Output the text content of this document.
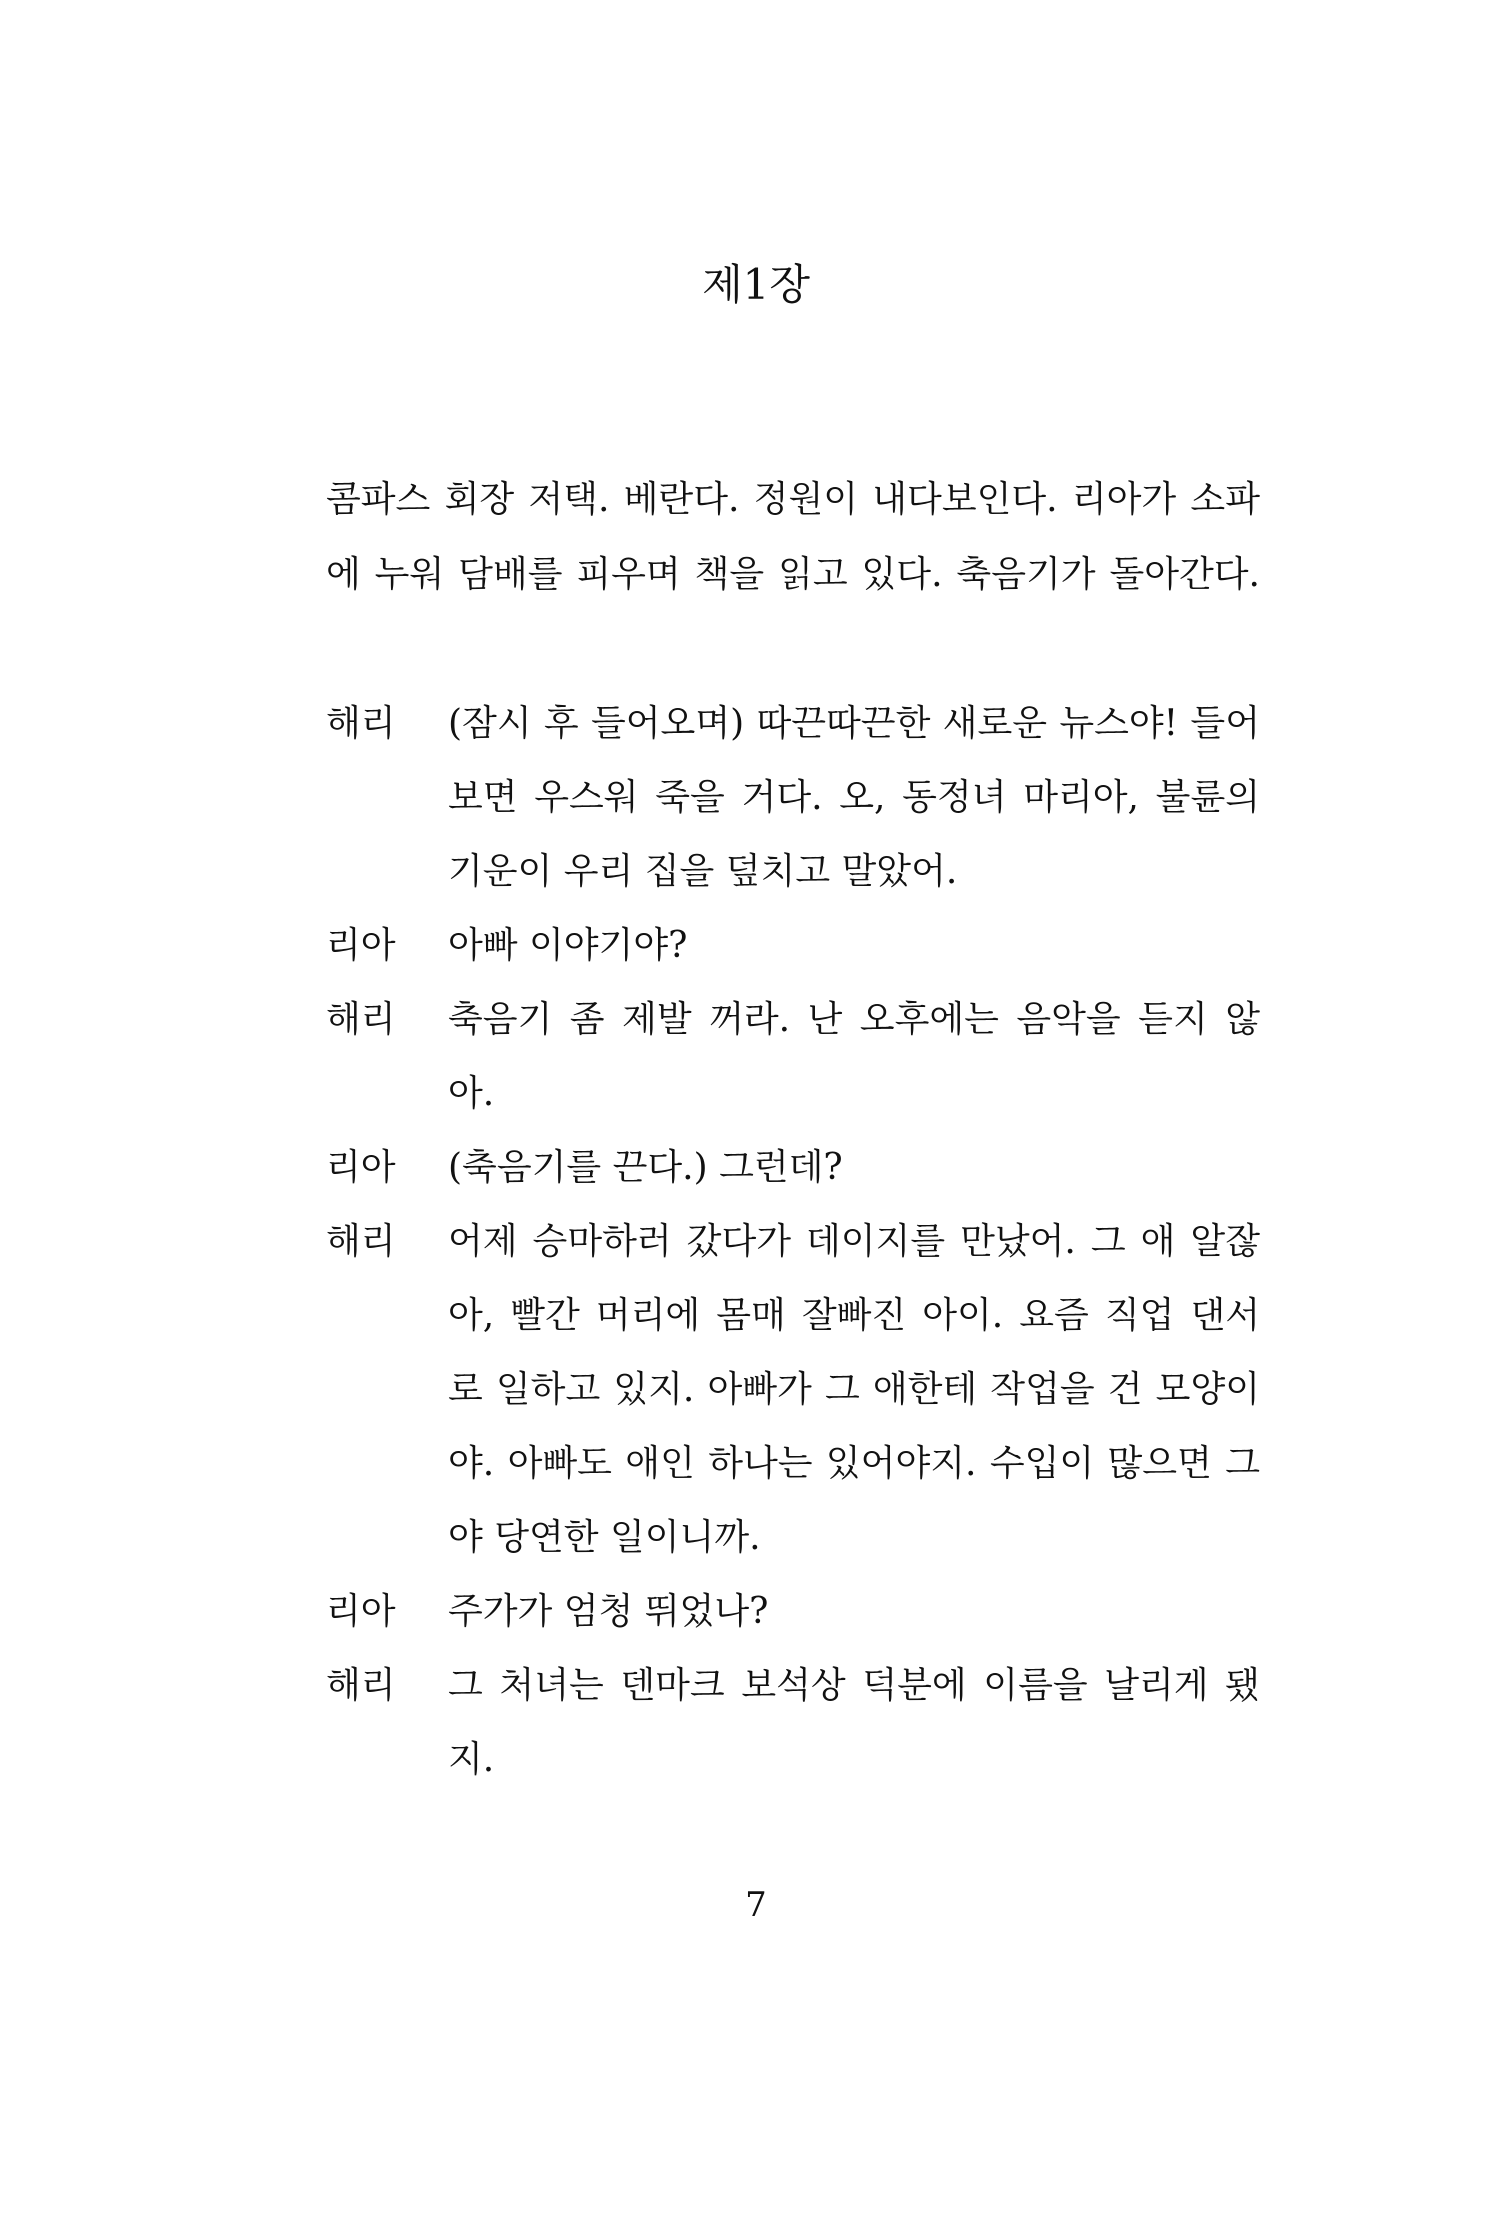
제1장
콤파스 회장 저택. 베란다. 정원이 내다보인다. 리아가 소파
에 누워 담배를 피우며 책을 읽고 있다. 축음기가 돌아간다.
해리	(잠시 후 들어오며) 따끈따끈한 새로운 뉴스야! 들어
보면 우스워 죽을 거다. 오, 동정녀 마리아, 불륜의
기운이 우리 집을 덮치고 말았어.
리아	아빠 이야기야?
해리	축음기 좀 제발 꺼라. 난 오후에는 음악을 듣지 않
아.
리아	(축음기를 끈다.) 그런데?
해리	어제 승마하러 갔다가 데이지를 만났어. 그 애 알잖
아, 빨간 머리에 몸매 잘빠진 아이. 요즘 직업 댄서
로 일하고 있지. 아빠가 그 애한테 작업을 건 모양이
야. 아빠도 애인 하나는 있어야지. 수입이 많으면 그
야 당연한 일이니까.
리아	주가가 엄청 뛰었나?
해리	그 처녀는 덴마크 보석상 덕분에 이름을 날리게 됐
지.
7
